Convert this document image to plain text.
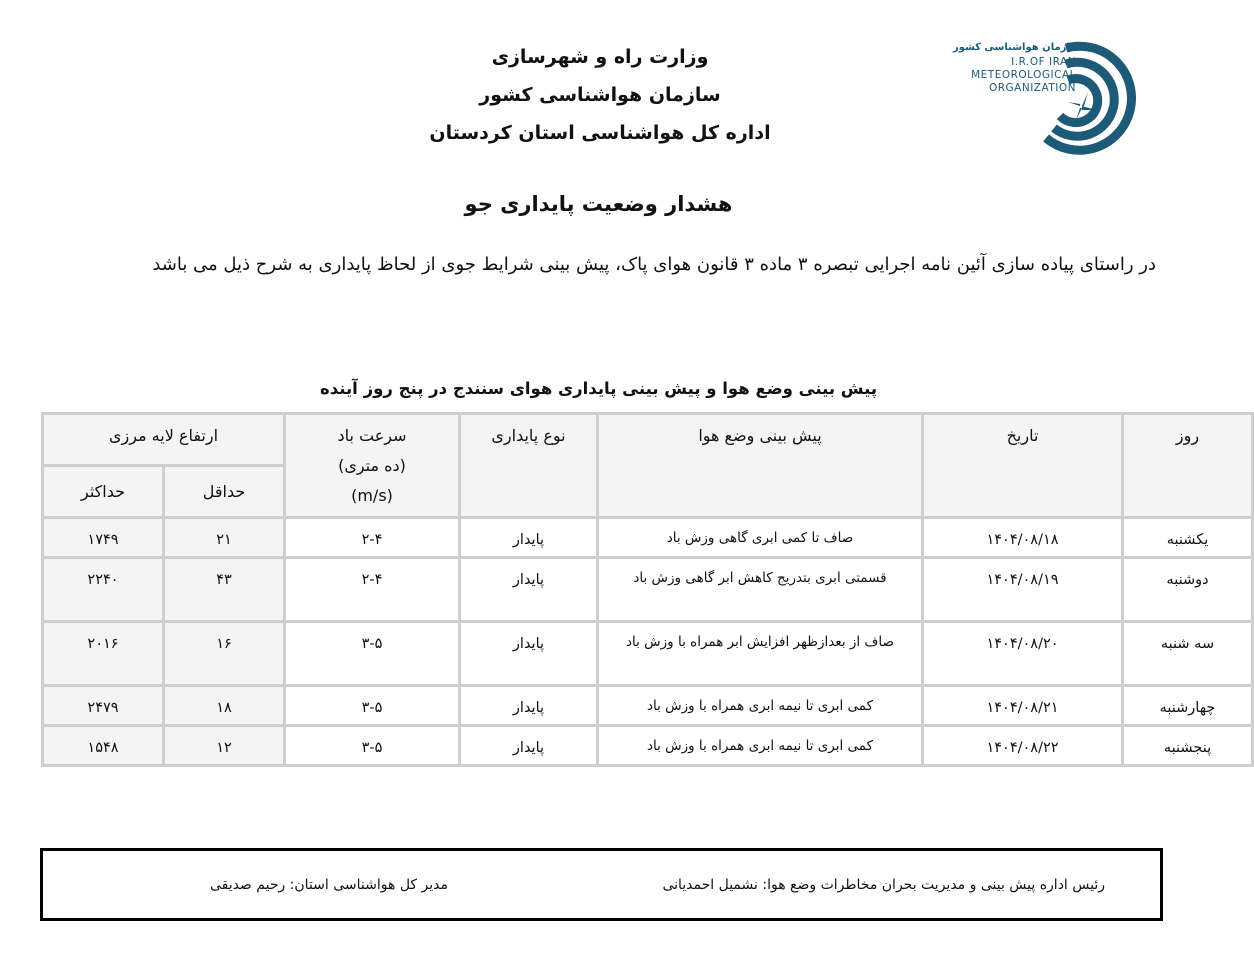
وزارت راه و شهرسازی
سازمان هواشناسی کشور
اداره کل هواشناسی استان کردستان
سازمان هواشناسی کشور
I.R.OF IRAN
METEOROLOGICAL
ORGANIZATION
هشدار وضعیت پایداری جو
در راستای پیاده سازی آئین نامه اجرایی تبصره ۳ ماده ۳ قانون هوای پاک، پیش بینی شرایط جوی از لحاظ پایداری به شرح ذیل می باشد
پیش بینی وضع هوا و پیش بینی پایداری هوای سنندج در پنج روز آینده
روز	تاریخ	پیش بینی وضع هوا	نوع پایداری	سرعت باد
(ده متری)
(m/s)	ارتفاع لایه مرزی	
					حداقل	حداکثر
یکشنبه	۱۴۰۴/۰۸/۱۸	صاف تا کمی ابری گاهی وزش باد	پایدار	۲-۴	۲۱	۱۷۴۹
دوشنبه	۱۴۰۴/۰۸/۱۹	قسمتی ابری بتدریج کاهش ابر گاهی وزش باد	پایدار	۲-۴	۴۳	۲۲۴۰
سه شنبه	۱۴۰۴/۰۸/۲۰	صاف از بعدازظهر افزایش ابر همراه با وزش باد	پایدار	۳-۵	۱۶	۲۰۱۶
چهارشنبه	۱۴۰۴/۰۸/۲۱	کمی ابری تا نیمه ابری همراه با وزش باد	پایدار	۳-۵	۱۸	۲۴۷۹
پنجشنبه	۱۴۰۴/۰۸/۲۲	کمی ابری تا نیمه ابری همراه با وزش باد	پایدار	۳-۵	۱۲	۱۵۴۸
رئیس اداره پیش بینی و مدیریت بحران مخاطرات وضع هوا: نشمیل احمدیانی
مدیر کل هواشناسی استان: رحیم صدیقی
